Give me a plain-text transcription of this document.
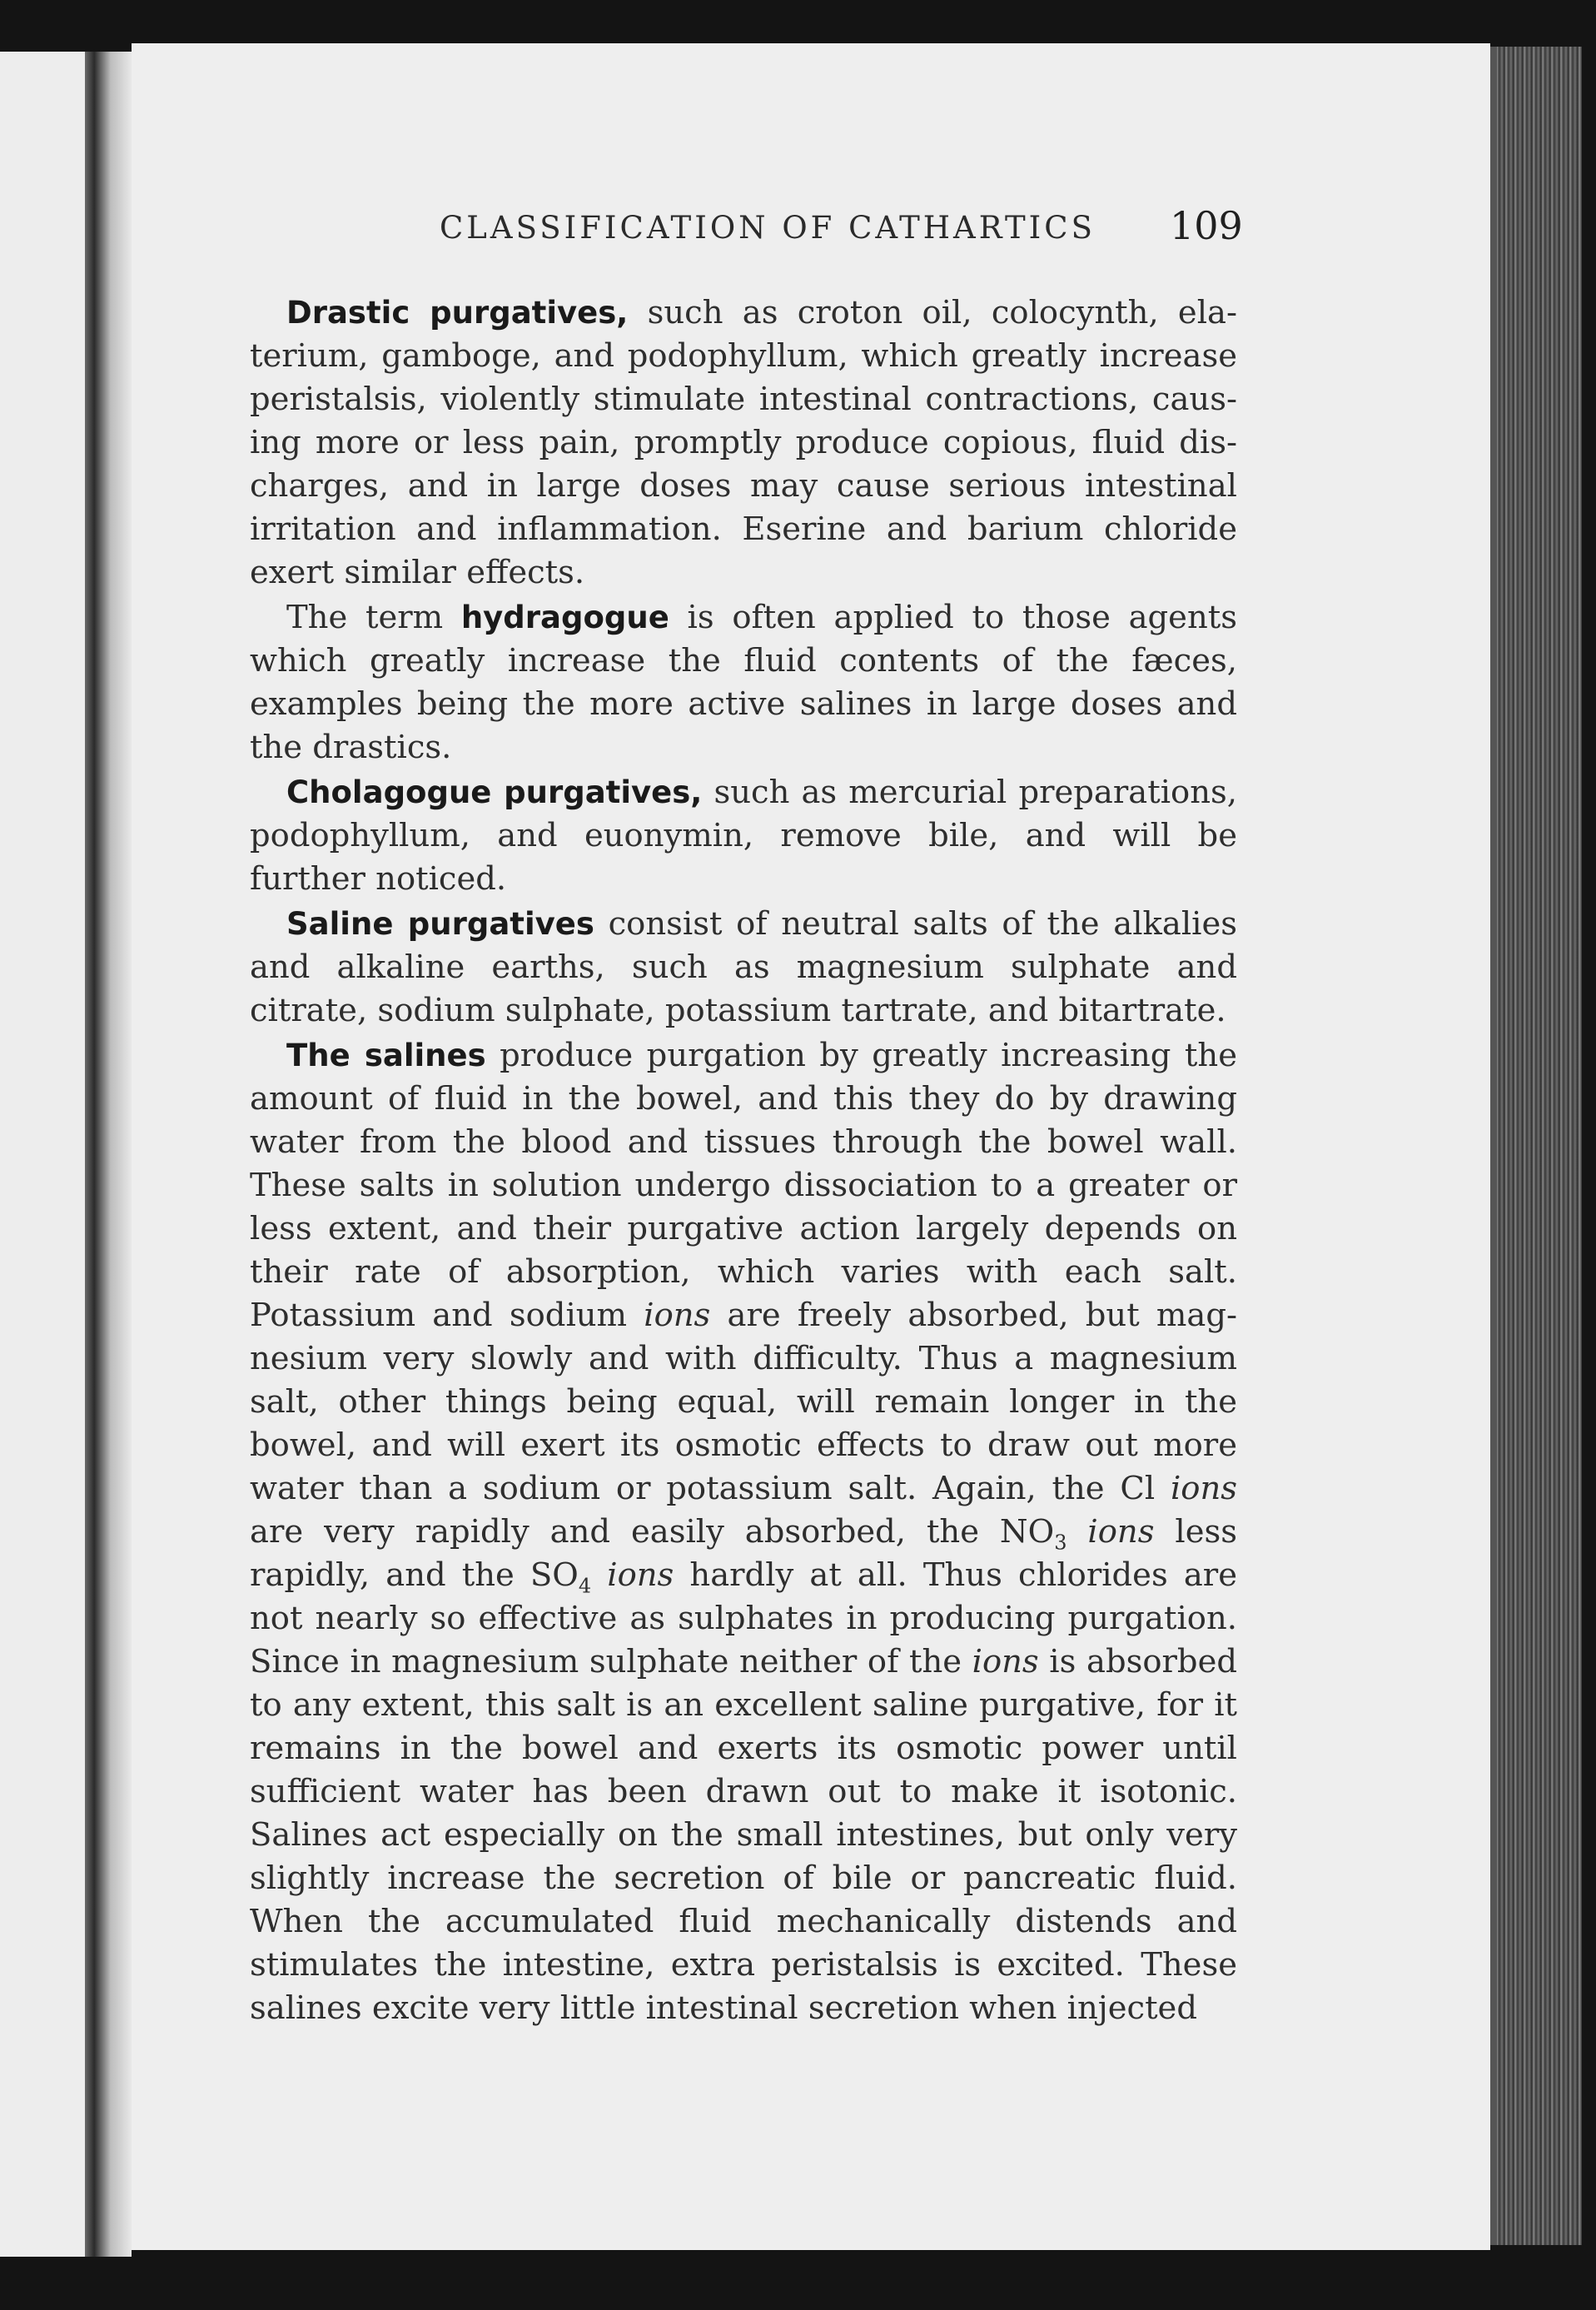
CLASSIFICATION OF CATHARTICS	109

Drastic purgatives, such as croton oil, colocynth, elaterium, gamboge, and podophyllum, which greatly increase peristalsis, violently stimulate intestinal contractions, causing more or less pain, promptly produce copious, fluid discharges, and in large doses may cause serious intestinal irritation and inflammation. Eserine and barium chloride exert similar effects.

The term hydragogue is often applied to those agents which greatly increase the fluid contents of the fæces, examples being the more active salines in large doses and the drastics.

Cholagogue purgatives, such as mercurial preparations, podophyllum, and euonymin, remove bile, and will be further noticed.

Saline purgatives consist of neutral salts of the alkalies and alkaline earths, such as magnesium sulphate and citrate, sodium sulphate, potassium tartrate, and bitartrate.

The salines produce purgation by greatly increasing the amount of fluid in the bowel, and this they do by drawing water from the blood and tissues through the bowel wall. These salts in solution undergo dissociation to a greater or less extent, and their purgative action largely depends on their rate of absorption, which varies with each salt. Potassium and sodium ions are freely absorbed, but magnesium very slowly and with difficulty. Thus a magnesium salt, other things being equal, will remain longer in the bowel, and will exert its osmotic effects to draw out more water than a sodium or potassium salt. Again, the Cl ions are very rapidly and easily absorbed, the $NO_3$ ions less rapidly, and the $SO_4$ ions hardly at all. Thus chlorides are not nearly so effective as sulphates in producing purgation. Since in magnesium sulphate neither of the ions is absorbed to any extent, this salt is an excellent saline purgative, for it remains in the bowel and exerts its osmotic power until sufficient water has been drawn out to make it isotonic. Salines act especially on the small intestines, but only very slightly increase the secretion of bile or pancreatic fluid. When the accumulated fluid mechanically distends and stimulates the intestine, extra peristalsis is excited. These salines excite very little intestinal secretion when injected
